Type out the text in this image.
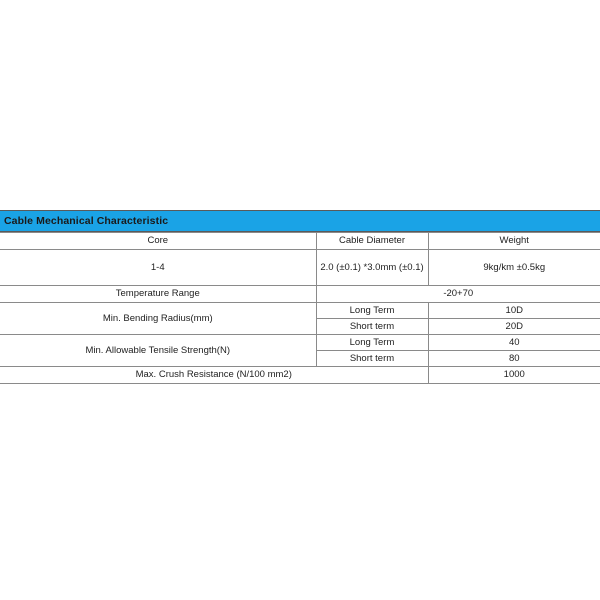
Cable Mechanical Characteristic
Core	Cable Diameter	Weight
1-4	2.0 (±0.1) *3.0mm (±0.1)	9kg/km ±0.5kg
Temperature Range	-20+70	
Min. Bending Radius(mm)	Long Term	10D
	Short term	20D
Min. Allowable Tensile Strength(N)	Long Term	40
	Short term	80
Max. Crush Resistance (N/100 mm2)		1000
